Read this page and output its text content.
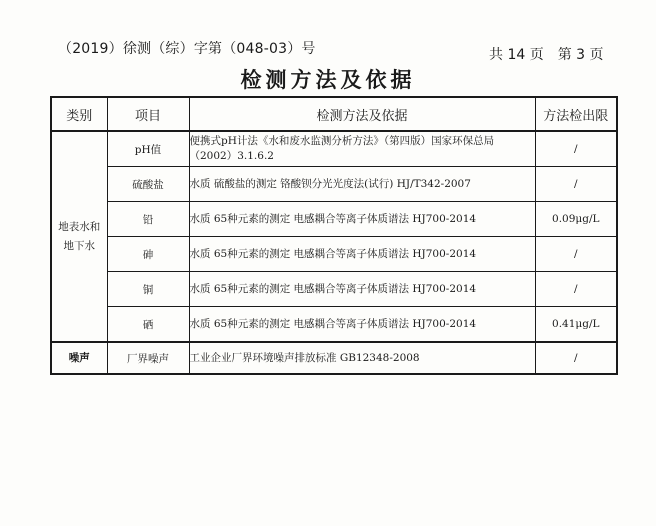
（2019）徐测（综）字第（048-03）号	共 14 页 第 3 页
检测方法及依据
类别	项目	检测方法及依据	方法检出限

地表水和地下水	pH值	便携式pH计法《水和废水监测分析方法》（第四版）国家环保总局（2002）3.1.6.2	/
	硫酸盐	水质 硫酸盐的测定 铬酸钡分光光度法(试行) HJ/T342-2007	/
	铅	水质 65种元素的测定 电感耦合等离子体质谱法 HJ700-2014	0.09μg/L
	砷	水质 65种元素的测定 电感耦合等离子体质谱法 HJ700-2014	/
	铜	水质 65种元素的测定 电感耦合等离子体质谱法 HJ700-2014	/
	硒	水质 65种元素的测定 电感耦合等离子体质谱法 HJ700-2014	0.41μg/L
噪声	厂界噪声	工业企业厂界环境噪声排放标准 GB12348-2008	/
